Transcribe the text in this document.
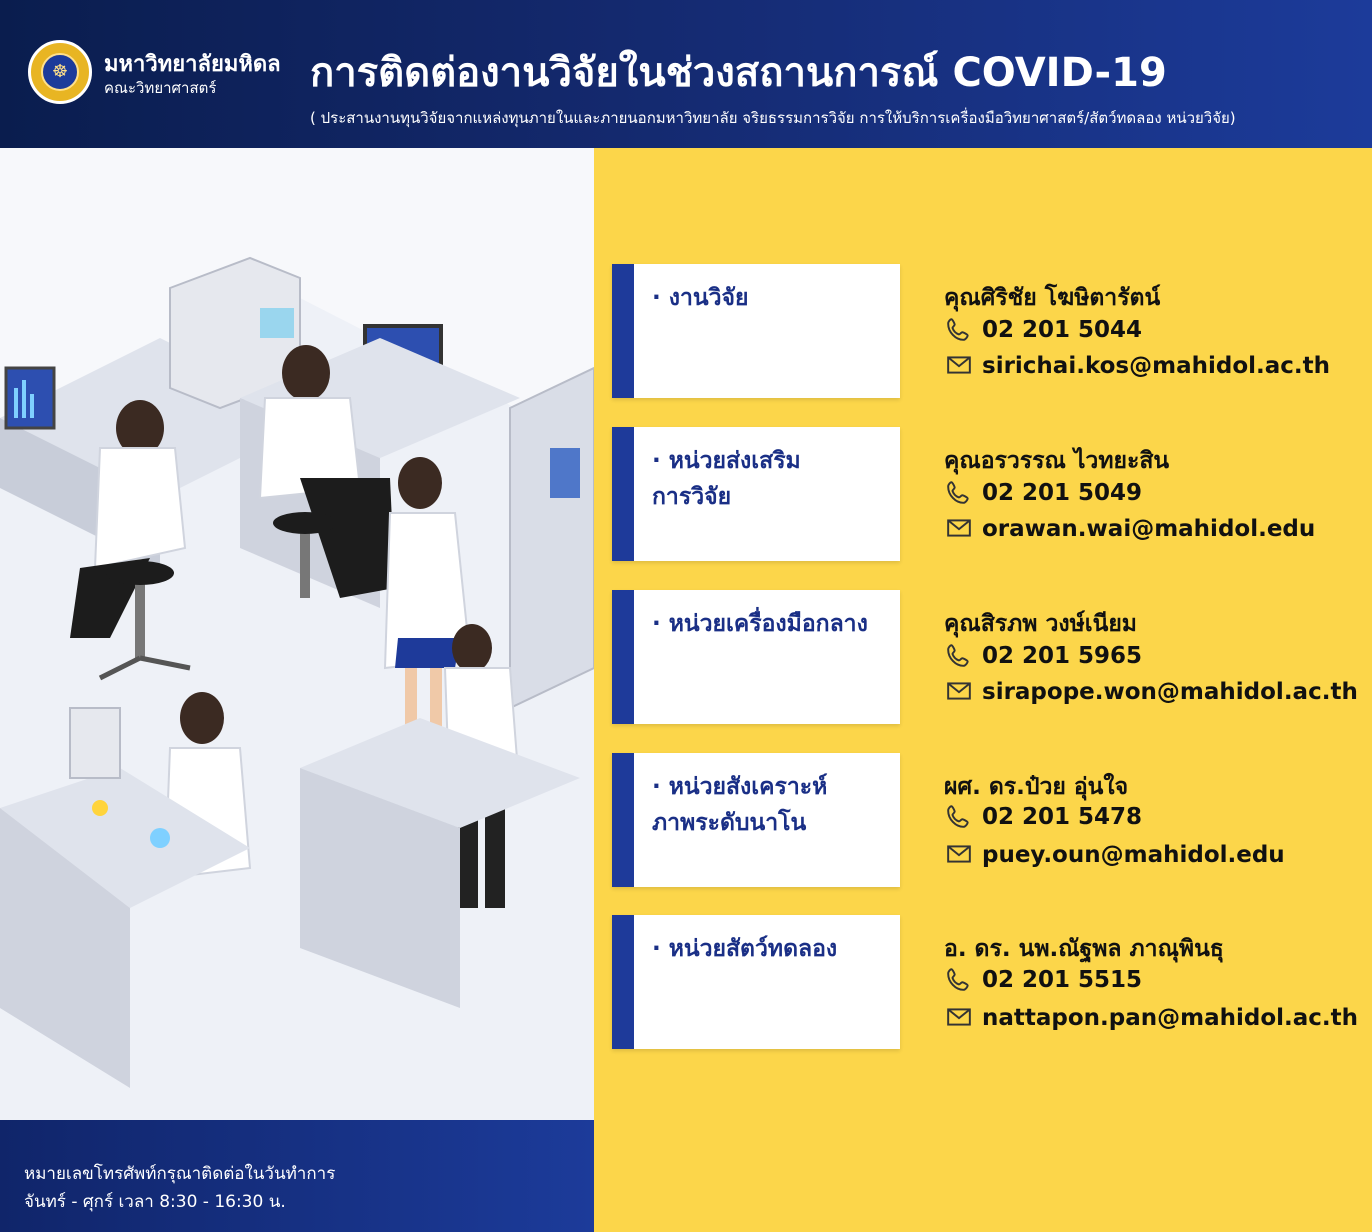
☸	มหาวิทยาลัยมหิดล
คณะวิทยาศาสตร์ การติดต่องานวิจัยในช่วงสถานการณ์ COVID-19
( ประสานงานทุนวิจัยจากแหล่งทุนภายในและภายนอกมหาวิทยาลัย จริยธรรมการวิจัย การให้บริการเครื่องมือวิทยาศาสตร์/สัตว์ทดลอง หน่วยวิจัย)
หมายเลขโทรศัพท์กรุณาติดต่อในวันทำการ
จันทร์ - ศุกร์ เวลา 8:30 - 16:30 น.
· งานวิจัย	คุณศิริชัย โฆษิตารัตน์
02 201 5044
sirichai.kos@mahidol.ac.th
· หน่วยส่งเสริม
การวิจัย
คุณอรวรรณ ไวทยะสิน
02 201 5049
orawan.wai@mahidol.edu
· หน่วยเครื่องมือกลาง	คุณสิรภพ วงษ์เนียม
02 201 5965
sirapope.won@mahidol.ac.th
· หน่วยสังเคราะห์
ภาพระดับนาโน
ผศ. ดร.ป๋วย อุ่นใจ
02 201 5478
puey.oun@mahidol.edu
· หน่วยสัตว์ทดลอง	อ. ดร. นพ.ณัฐพล ภาณุพินธุ
02 201 5515
nattapon.pan@mahidol.ac.th
